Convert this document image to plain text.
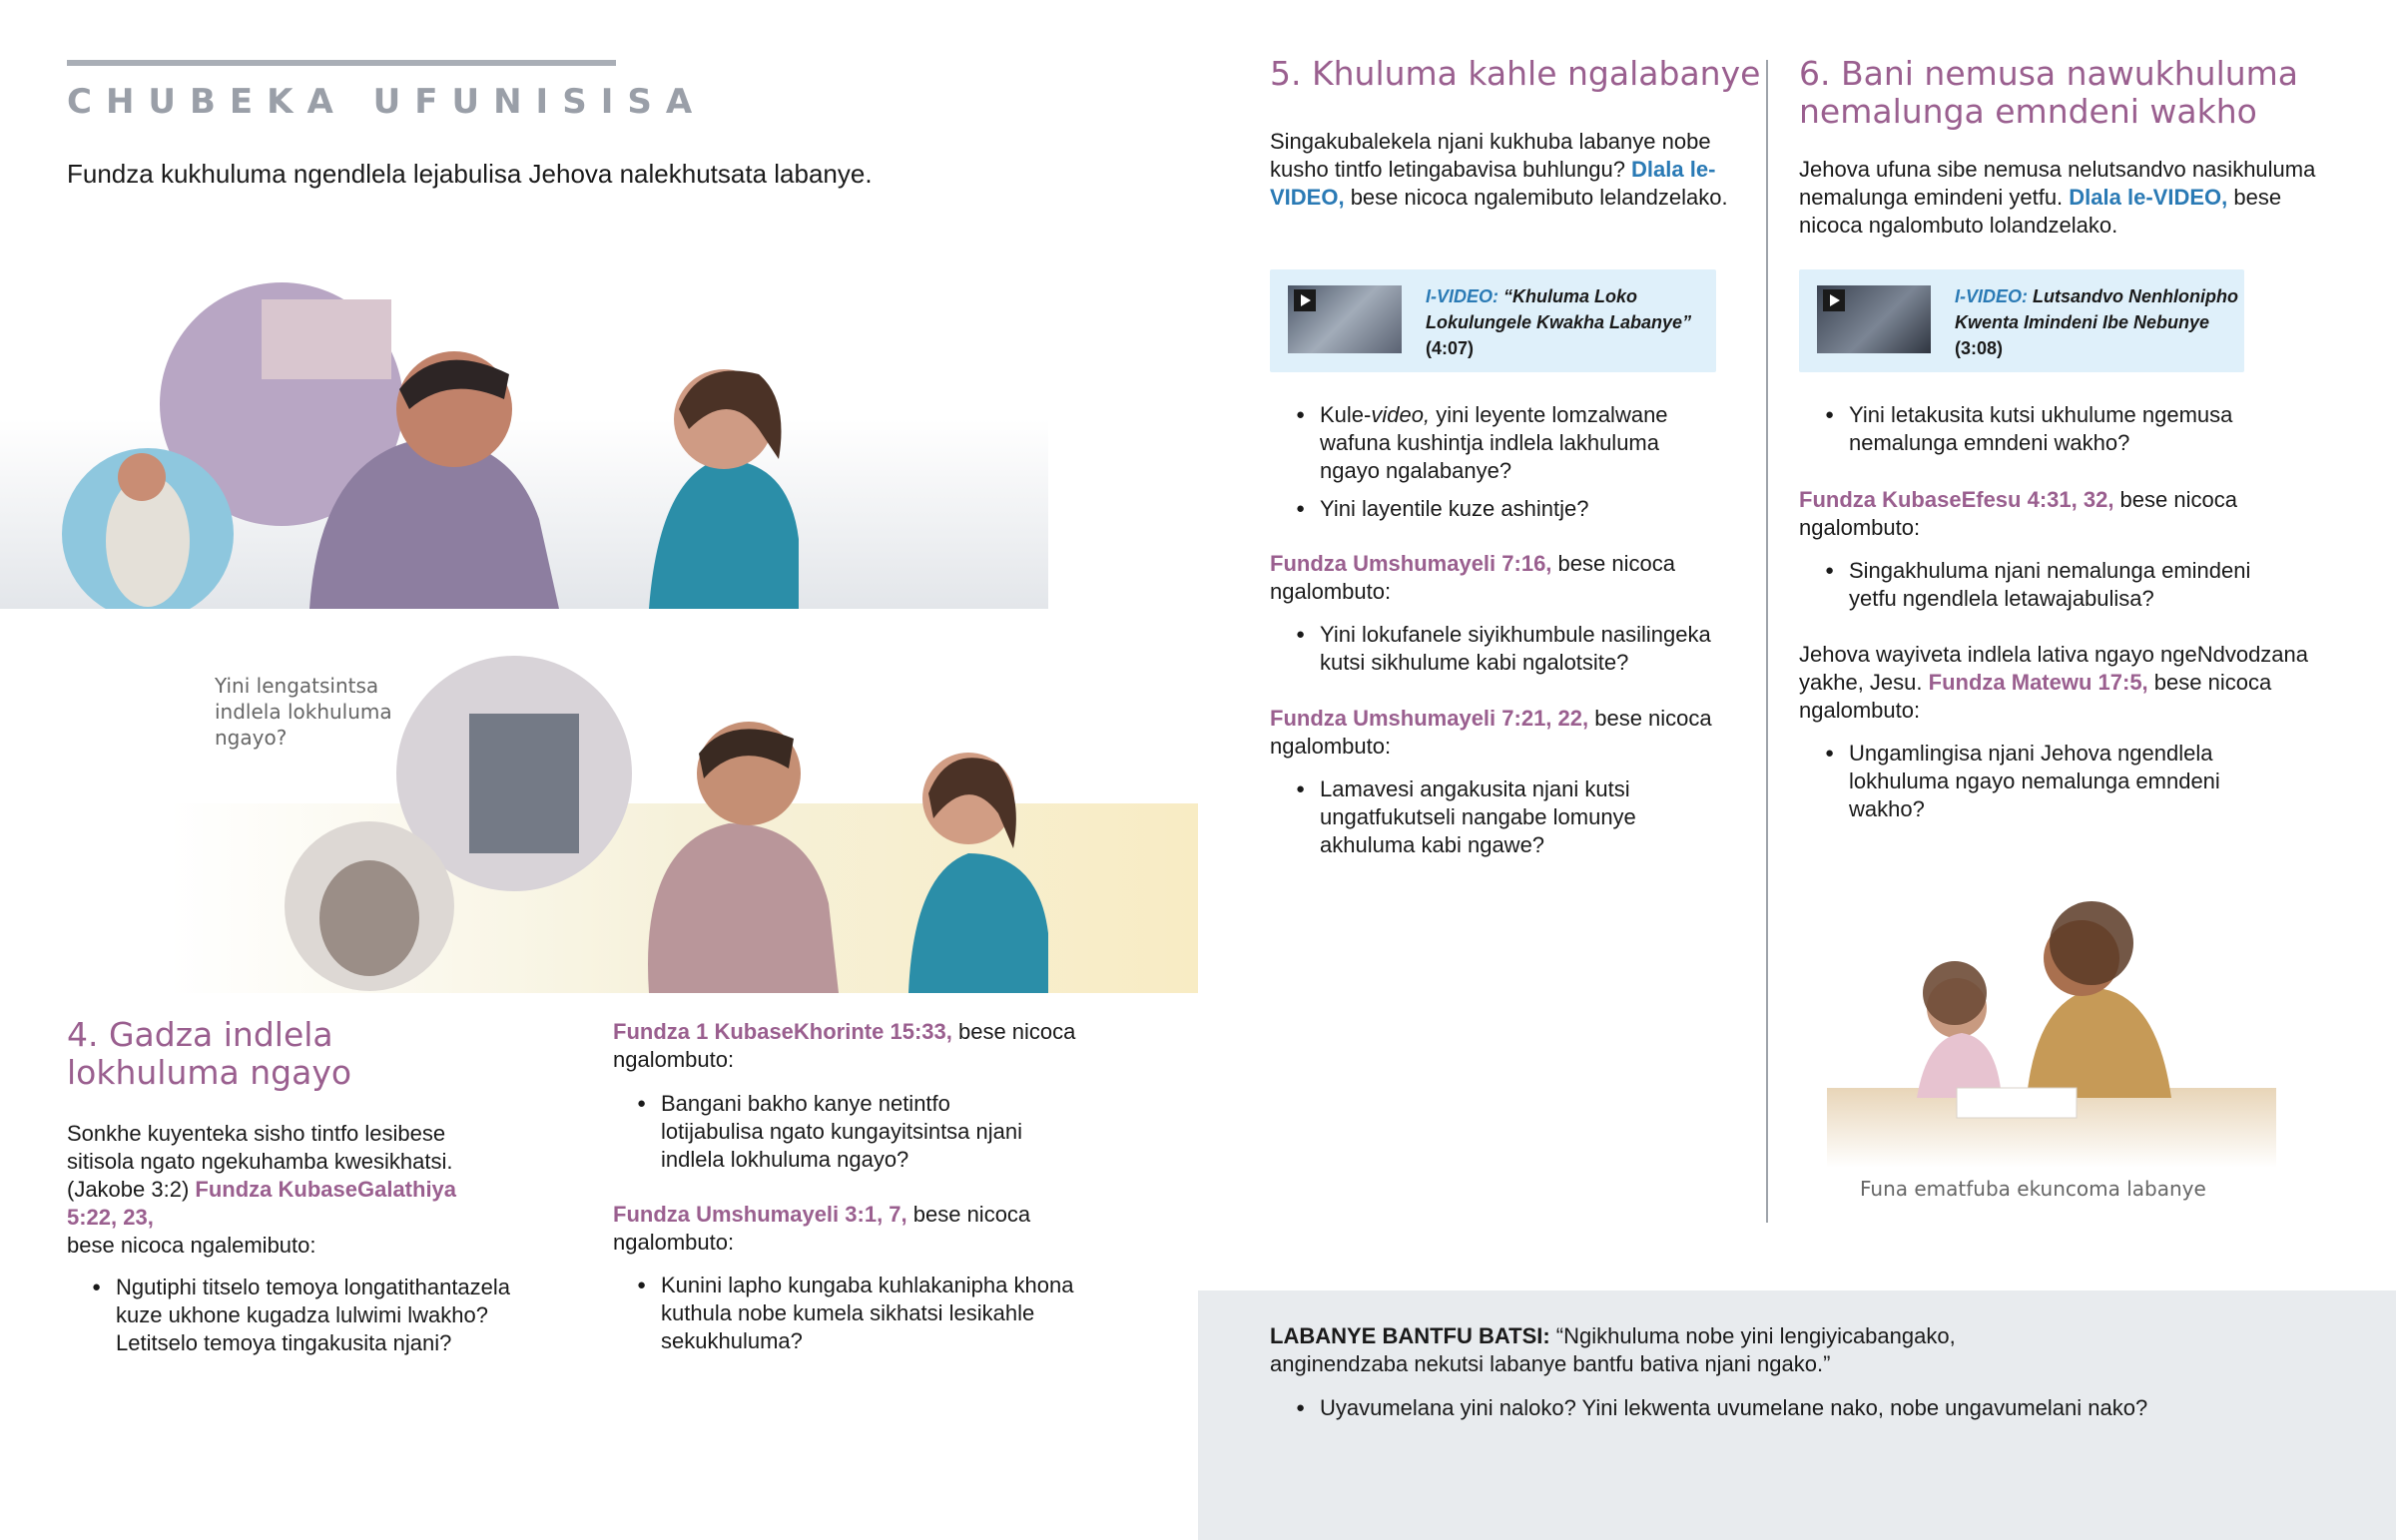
CHUBEKA UFUNISISA
Fundza kukhuluma ngendlela lejabulisa Jehova nalekhutsata labanye.
Yini lengatsintsa indlela lokhuluma ngayo?
4. Gadza indlela lokhuluma ngayo
Sonkhe kuyenteka sisho tintfo lesibese sitisola ngato ngekuhamba kwesikhatsi. (Jakobe 3:2) Fundza KubaseGalathiya 5:22, 23,
bese nicoca ngalemibuto:
● Ngutiphi titselo temoya longatithantazela kuze ukhone kugadza lulwimi lwakho? Letitselo temoya tingakusita njani?
Fundza 1 KubaseKhorinte 15:33, bese nicoca ngalombuto:
● Bangani bakho kanye netintfo lotijabulisa ngato kungayitsintsa njani indlela lokhuluma ngayo?
Fundza Umshumayeli 3:1, 7, bese nicoca ngalombuto:
● Kunini lapho kungaba kuhlakanipha khona kuthula nobe kumela sikhatsi lesikahle sekukhuluma?
5. Khuluma kahle ngalabanye
Singakubalekela njani kukhuba labanye nobe kusho tintfo letingabavisa buhlungu? Dlala le-VIDEO, bese nicoca ngalemibuto lelandzelako.
I-VIDEO: “Khuluma Loko Lokulungele Kwakha Labanye”
(4:07)
● Kule-video, yini leyente lomzalwane wafuna kushintja indlela lakhuluma ngayo ngalabanye?
● Yini layentile kuze ashintje?
Fundza Umshumayeli 7:16, bese nicoca ngalombuto:
● Yini lokufanele siyikhumbule nasilingeka kutsi sikhulume kabi ngalotsite?
Fundza Umshumayeli 7:21, 22, bese nicoca ngalombuto:
● Lamavesi angakusita njani kutsi ungatfukutseli nangabe lomunye akhuluma kabi ngawe?
6. Bani nemusa nawukhuluma nemalunga emndeni wakho
Jehova ufuna sibe nemusa nelutsandvo nasikhuluma nemalunga emindeni yetfu. Dlala le-VIDEO, bese nicoca ngalombuto lolandzelako.
I-VIDEO: Lutsandvo Nenhlonipho Kwenta Imindeni Ibe Nebunye (3:08)
● Yini letakusita kutsi ukhulume ngemusa nemalunga emndeni wakho?
Fundza KubaseEfesu 4:31, 32, bese nicoca ngalombuto:
● Singakhuluma njani nemalunga emindeni yetfu ngendlela letawajabulisa?
Jehova wayiveta indlela lativa ngayo ngeNdvodzana yakhe, Jesu. Fundza Matewu 17:5, bese nicoca ngalombuto:
● Ungamlingisa njani Jehova ngendlela lokhuluma ngayo nemalunga emndeni wakho?
Funa ematfuba ekuncoma labanye
LABANYE BANTFU BATSI: “Ngikhuluma nobe yini lengiyicabangako, anginendzaba nekutsi labanye bantfu bativa njani ngako.”
● Uyavumelana yini naloko? Yini lekwenta uvumelane nako, nobe ungavumelani nako?
